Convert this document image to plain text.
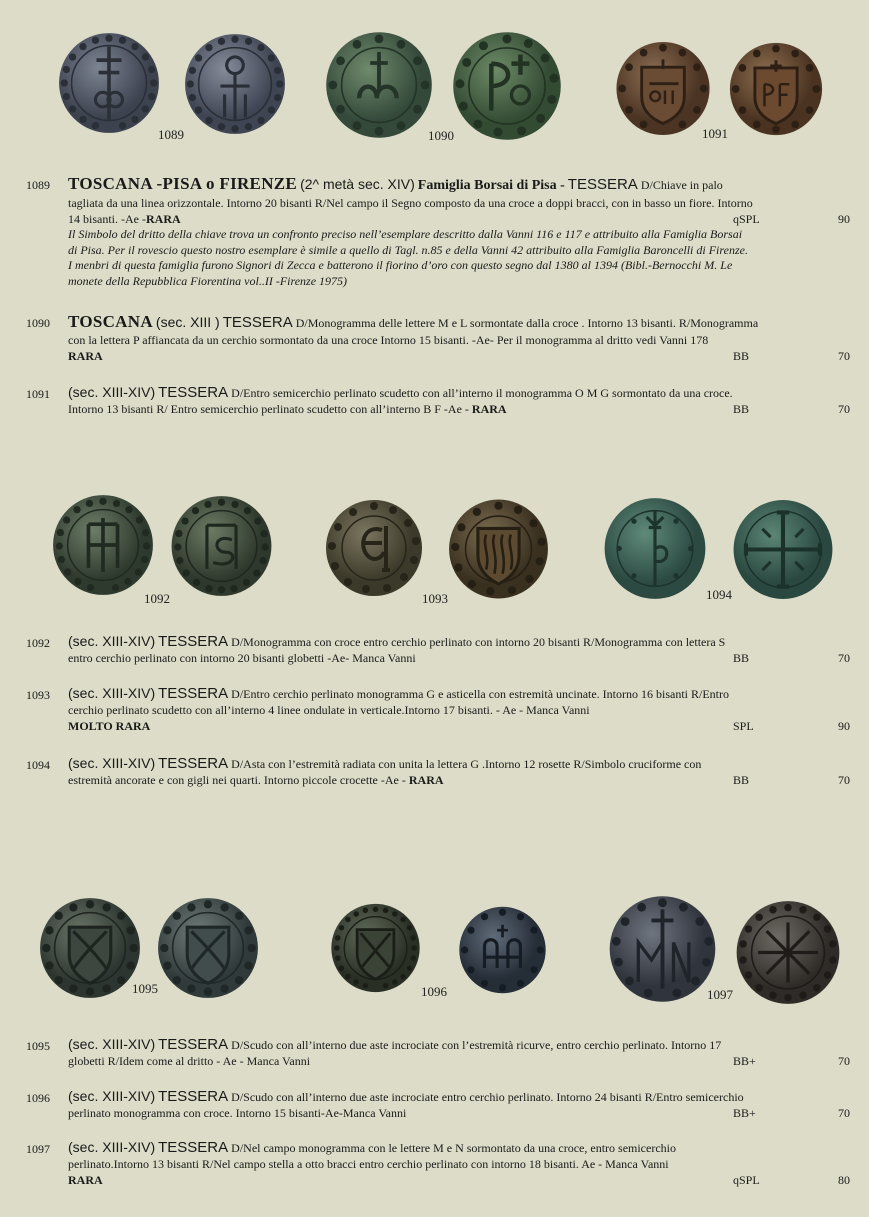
1089	1090	1091
1089 TOSCANA -PISA o FIRENZE (2^ metà sec. XIV) Famiglia Borsai di Pisa - TESSERA D/Chiave in palo
tagliata da una linea orizzontale. Intorno 20 bisanti R/Nel campo il Segno composto da una croce a doppi bracci, con in basso un fiore. Intorno
14 bisanti. -Ae -RARA	qSPL	90
Il Simbolo del dritto della chiave trova un confronto preciso nell’esemplare descritto dalla Vanni 116 e 117 e attribuito alla Famiglia Borsai
di Pisa. Per il rovescio questo nostro esemplare è simile a quello di Tagl. n.85 e della Vanni 42 attribuito alla Famiglia Baroncelli di Firenze.
I menbri di questa famiglia furono Signori di Zecca e batterono il fiorino d’oro con questo segno dal 1380 al 1394 (Bibl.-Bernocchi M. Le
monete della Repubblica Fiorentina vol..II -Firenze 1975)
1090 TOSCANA (sec. XIII ) TESSERA D/Monogramma delle lettere M e L sormontate dalla croce . Intorno 13 bisanti. R/Monogramma
con la lettera P affiancata da un cerchio sormontato da una croce Intorno 15 bisanti. -Ae- Per il monogramma al dritto vedi Vanni 178
RARA	BB	70
1091 (sec. XIII-XIV) TESSERA D/Entro semicerchio perlinato scudetto con all’interno il monogramma O M G sormontato da una croce.
Intorno 13 bisanti R/ Entro semicerchio perlinato scudetto con all’interno B F -Ae - RARA	BB	70
1092	1093	1094
1092 (sec. XIII-XIV) TESSERA D/Monogramma con croce entro cerchio perlinato con intorno 20 bisanti R/Monogramma con lettera S
entro cerchio perlinato con intorno 20 bisanti globetti -Ae- Manca Vanni	BB	70
1093 (sec. XIII-XIV) TESSERA D/Entro cerchio perlinato monogramma G e asticella con estremità uncinate. Intorno 16 bisanti R/Entro
cerchio perlinato scudetto con all’interno 4 linee ondulate in verticale.Intorno 17 bisanti. - Ae - Manca Vanni
MOLTO RARA	SPL	90
1094 (sec. XIII-XIV) TESSERA D/Asta con l’estremità radiata con unita la lettera G .Intorno 12 rosette R/Simbolo cruciforme con
estremità ancorate e con gigli nei quarti. Intorno piccole crocette -Ae - RARA	BB	70
1095	1096	1097
1095 (sec. XIII-XIV) TESSERA D/Scudo con all’interno due aste incrociate con l’estremità ricurve, entro cerchio perlinato. Intorno 17
globetti R/Idem come al dritto - Ae - Manca Vanni	BB+	70
1096 (sec. XIII-XIV) TESSERA D/Scudo con all’interno due aste incrociate entro cerchio perlinato. Intorno 24 bisanti R/Entro semicerchio
perlinato monogramma con croce. Intorno 15 bisanti-Ae-Manca Vanni	BB+	70
1097 (sec. XIII-XIV) TESSERA D/Nel campo monogramma con le lettere M e N sormontato da una croce, entro semicerchio
perlinato.Intorno 13 bisanti R/Nel campo stella a otto bracci entro cerchio perlinato con intorno 18 bisanti. Ae - Manca Vanni
RARA	qSPL	80
